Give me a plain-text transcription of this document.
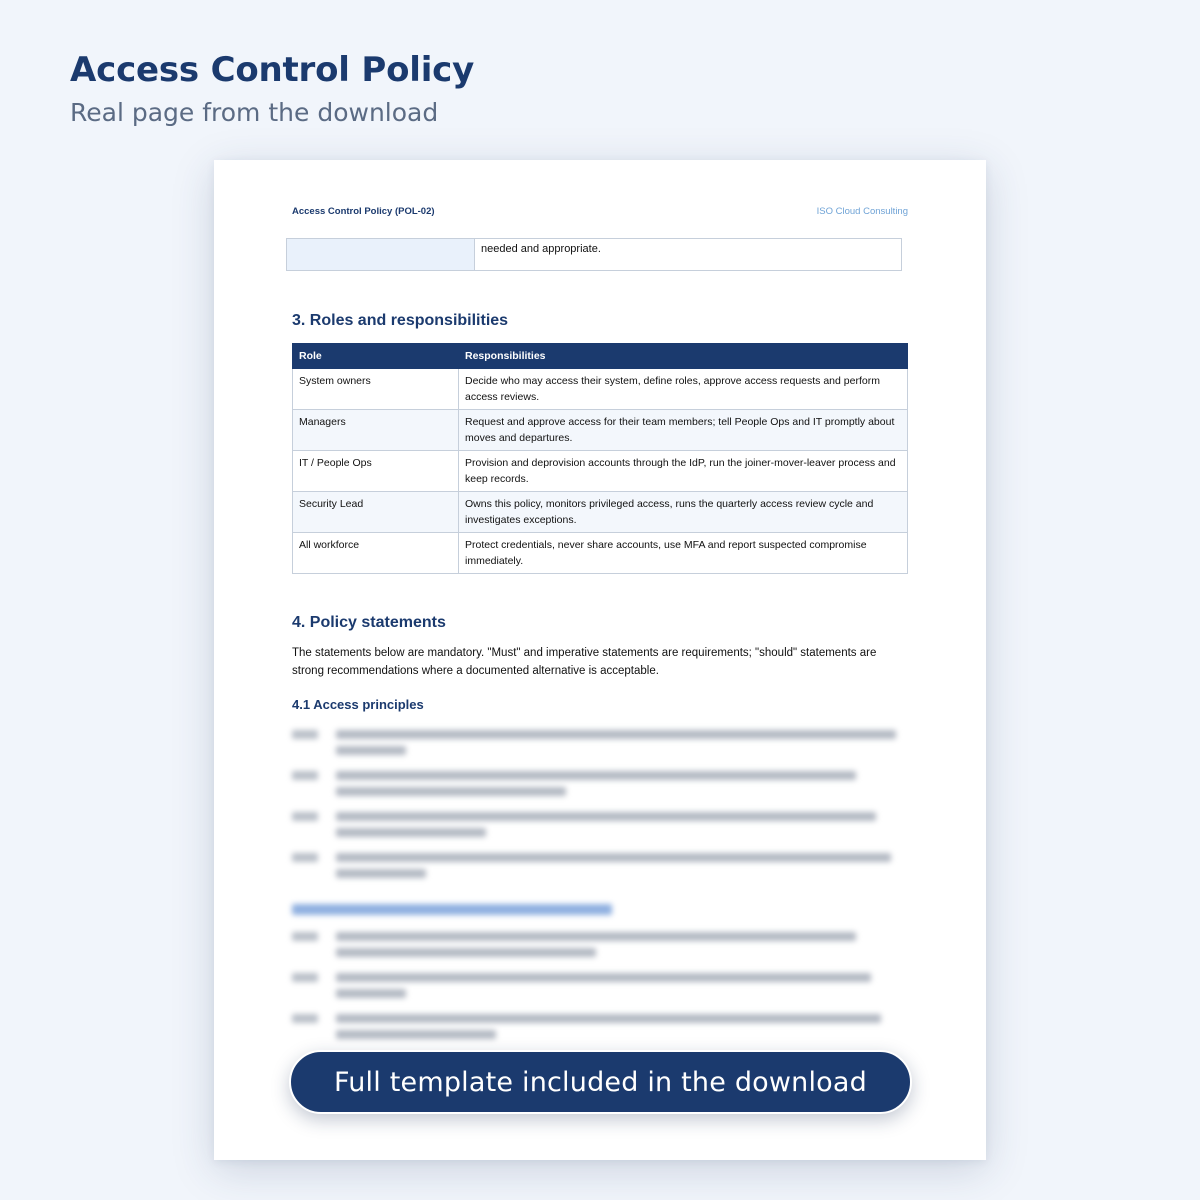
Access Control Policy

Real page from the download

Access Control Policy (POL-02)	ISO Cloud Consulting
needed and appropriate.
3. Roles and responsibilities
Role	Responsibilities
System owners	Decide who may access their system, define roles, approve access requests and perform access reviews.
Managers	Request and approve access for their team members; tell People Ops and IT promptly about moves and departures.
IT / People Ops	Provision and deprovision accounts through the IdP, run the joiner-mover-leaver process and keep records.
Security Lead	Owns this policy, monitors privileged access, runs the quarterly access review cycle and investigates exceptions.
All workforce	Protect credentials, never share accounts, use MFA and report suspected compromise immediately.
4. Policy statements

The statements below are mandatory. "Must" and imperative statements are requirements; "should" statements are strong recommendations where a documented alternative is acceptable.

4.1 Access principles
Full template included in the download
